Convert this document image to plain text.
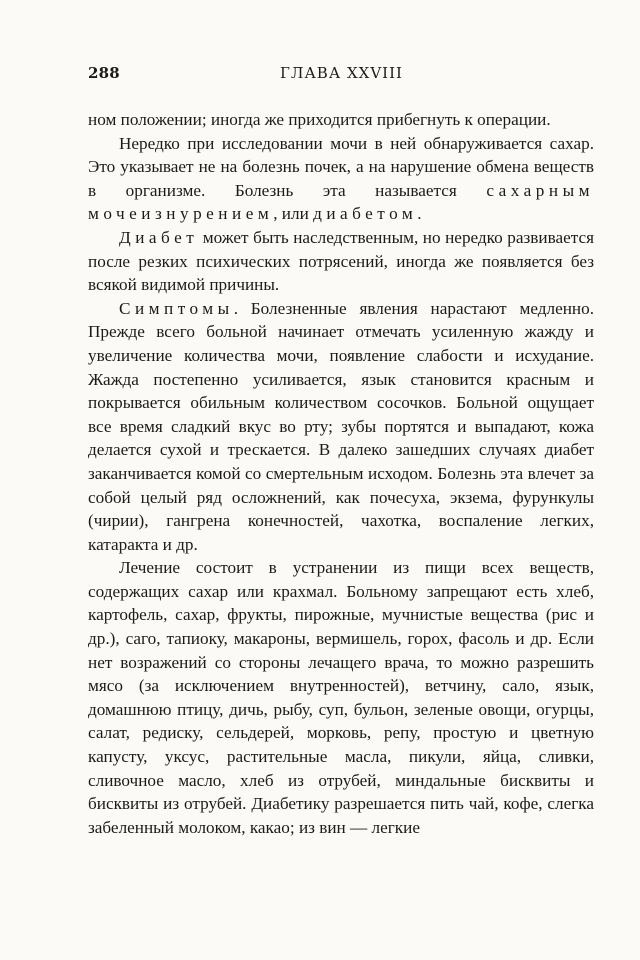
288	ГЛАВА XXVIII

ном положении; иногда же приходится прибегнуть к операции.

Нередко при исследовании мочи в ней обнаруживается сахар. Это указывает не на болезнь почек, а на нарушение обмена веществ в организме. Болезнь эта называется сахарным мочеизнурением, или диабетом.

Диабет может быть наследственным, но нередко развивается после резких психических потрясений, иногда же появляется без всякой видимой причины.

Симптомы. Болезненные явления нарастают медленно. Прежде всего больной начинает отмечать усиленную жажду и увеличение количества мочи, появление слабости и исхудание. Жажда постепенно усиливается, язык становится красным и покрывается обильным количеством сосочков. Больной ощущает все время сладкий вкус во рту; зубы портятся и выпадают, кожа делается сухой и трескается. В далеко зашедших случаях диабет заканчивается комой со смертельным исходом. Болезнь эта влечет за собой целый ряд осложнений, как почесуха, экзема, фурункулы (чирии), гангрена конечностей, чахотка, воспаление легких, катаракта и др.

Лечение состоит в устранении из пищи всех веществ, содержащих сахар или крахмал. Больному запрещают есть хлеб, картофель, сахар, фрукты, пирожные, мучнистые вещества (рис и др.), саго, тапиоку, макароны, вермишель, горох, фасоль и др. Если нет возражений со стороны лечащего врача, то можно разрешить мясо (за исключением внутренностей), ветчину, сало, язык, домашнюю птицу, дичь, рыбу, суп, бульон, зеленые овощи, огурцы, салат, редиску, сельдерей, морковь, репу, простую и цветную капусту, уксус, растительные масла, пикули, яйца, сливки, сливочное масло, хлеб из отрубей, миндальные бисквиты и бисквиты из отрубей. Диабетику разрешается пить чай, кофе, слегка забеленный молоком, какао; из вин — легкие
